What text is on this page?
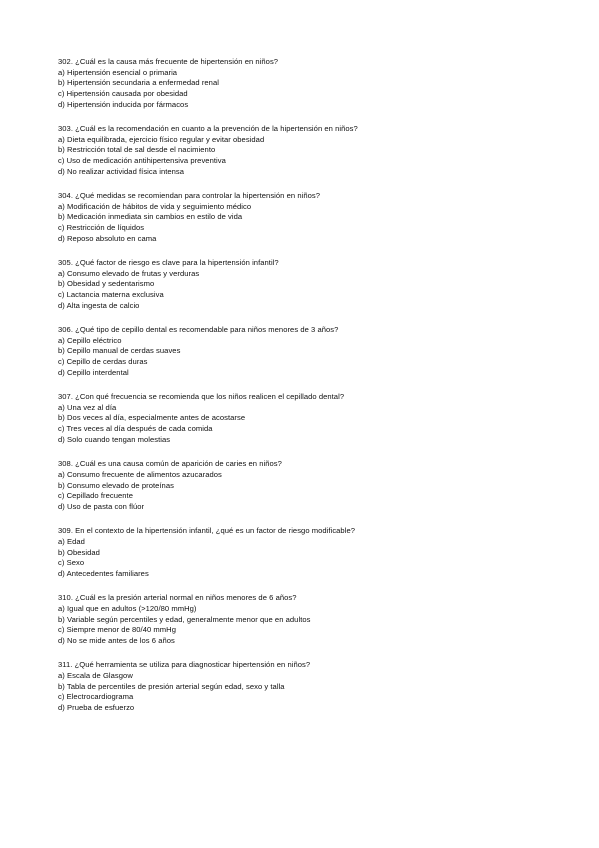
302. ¿Cuál es la causa más frecuente de hipertensión en niños?
a) Hipertensión esencial o primaria
b) Hipertensión secundaria a enfermedad renal
c) Hipertensión causada por obesidad
d) Hipertensión inducida por fármacos
303. ¿Cuál es la recomendación en cuanto a la prevención de la hipertensión en niños?
a) Dieta equilibrada, ejercicio físico regular y evitar obesidad
b) Restricción total de sal desde el nacimiento
c) Uso de medicación antihipertensiva preventiva
d) No realizar actividad física intensa
304. ¿Qué medidas se recomiendan para controlar la hipertensión en niños?
a) Modificación de hábitos de vida y seguimiento médico
b) Medicación inmediata sin cambios en estilo de vida
c) Restricción de líquidos
d) Reposo absoluto en cama
305. ¿Qué factor de riesgo es clave para la hipertensión infantil?
a) Consumo elevado de frutas y verduras
b) Obesidad y sedentarismo
c) Lactancia materna exclusiva
d) Alta ingesta de calcio
306. ¿Qué tipo de cepillo dental es recomendable para niños menores de 3 años?
a) Cepillo eléctrico
b) Cepillo manual de cerdas suaves
c) Cepillo de cerdas duras
d) Cepillo interdental
307. ¿Con qué frecuencia se recomienda que los niños realicen el cepillado dental?
a) Una vez al día
b) Dos veces al día, especialmente antes de acostarse
c) Tres veces al día después de cada comida
d) Solo cuando tengan molestias
308. ¿Cuál es una causa común de aparición de caries en niños?
a) Consumo frecuente de alimentos azucarados
b) Consumo elevado de proteínas
c) Cepillado frecuente
d) Uso de pasta con flúor
309. En el contexto de la hipertensión infantil, ¿qué es un factor de riesgo modificable?
a) Edad
b) Obesidad
c) Sexo
d) Antecedentes familiares
310. ¿Cuál es la presión arterial normal en niños menores de 6 años?
a) Igual que en adultos (>120/80 mmHg)
b) Variable según percentiles y edad, generalmente menor que en adultos
c) Siempre menor de 80/40 mmHg
d) No se mide antes de los 6 años
311. ¿Qué herramienta se utiliza para diagnosticar hipertensión en niños?
a) Escala de Glasgow
b) Tabla de percentiles de presión arterial según edad, sexo y talla
c) Electrocardiograma
d) Prueba de esfuerzo
